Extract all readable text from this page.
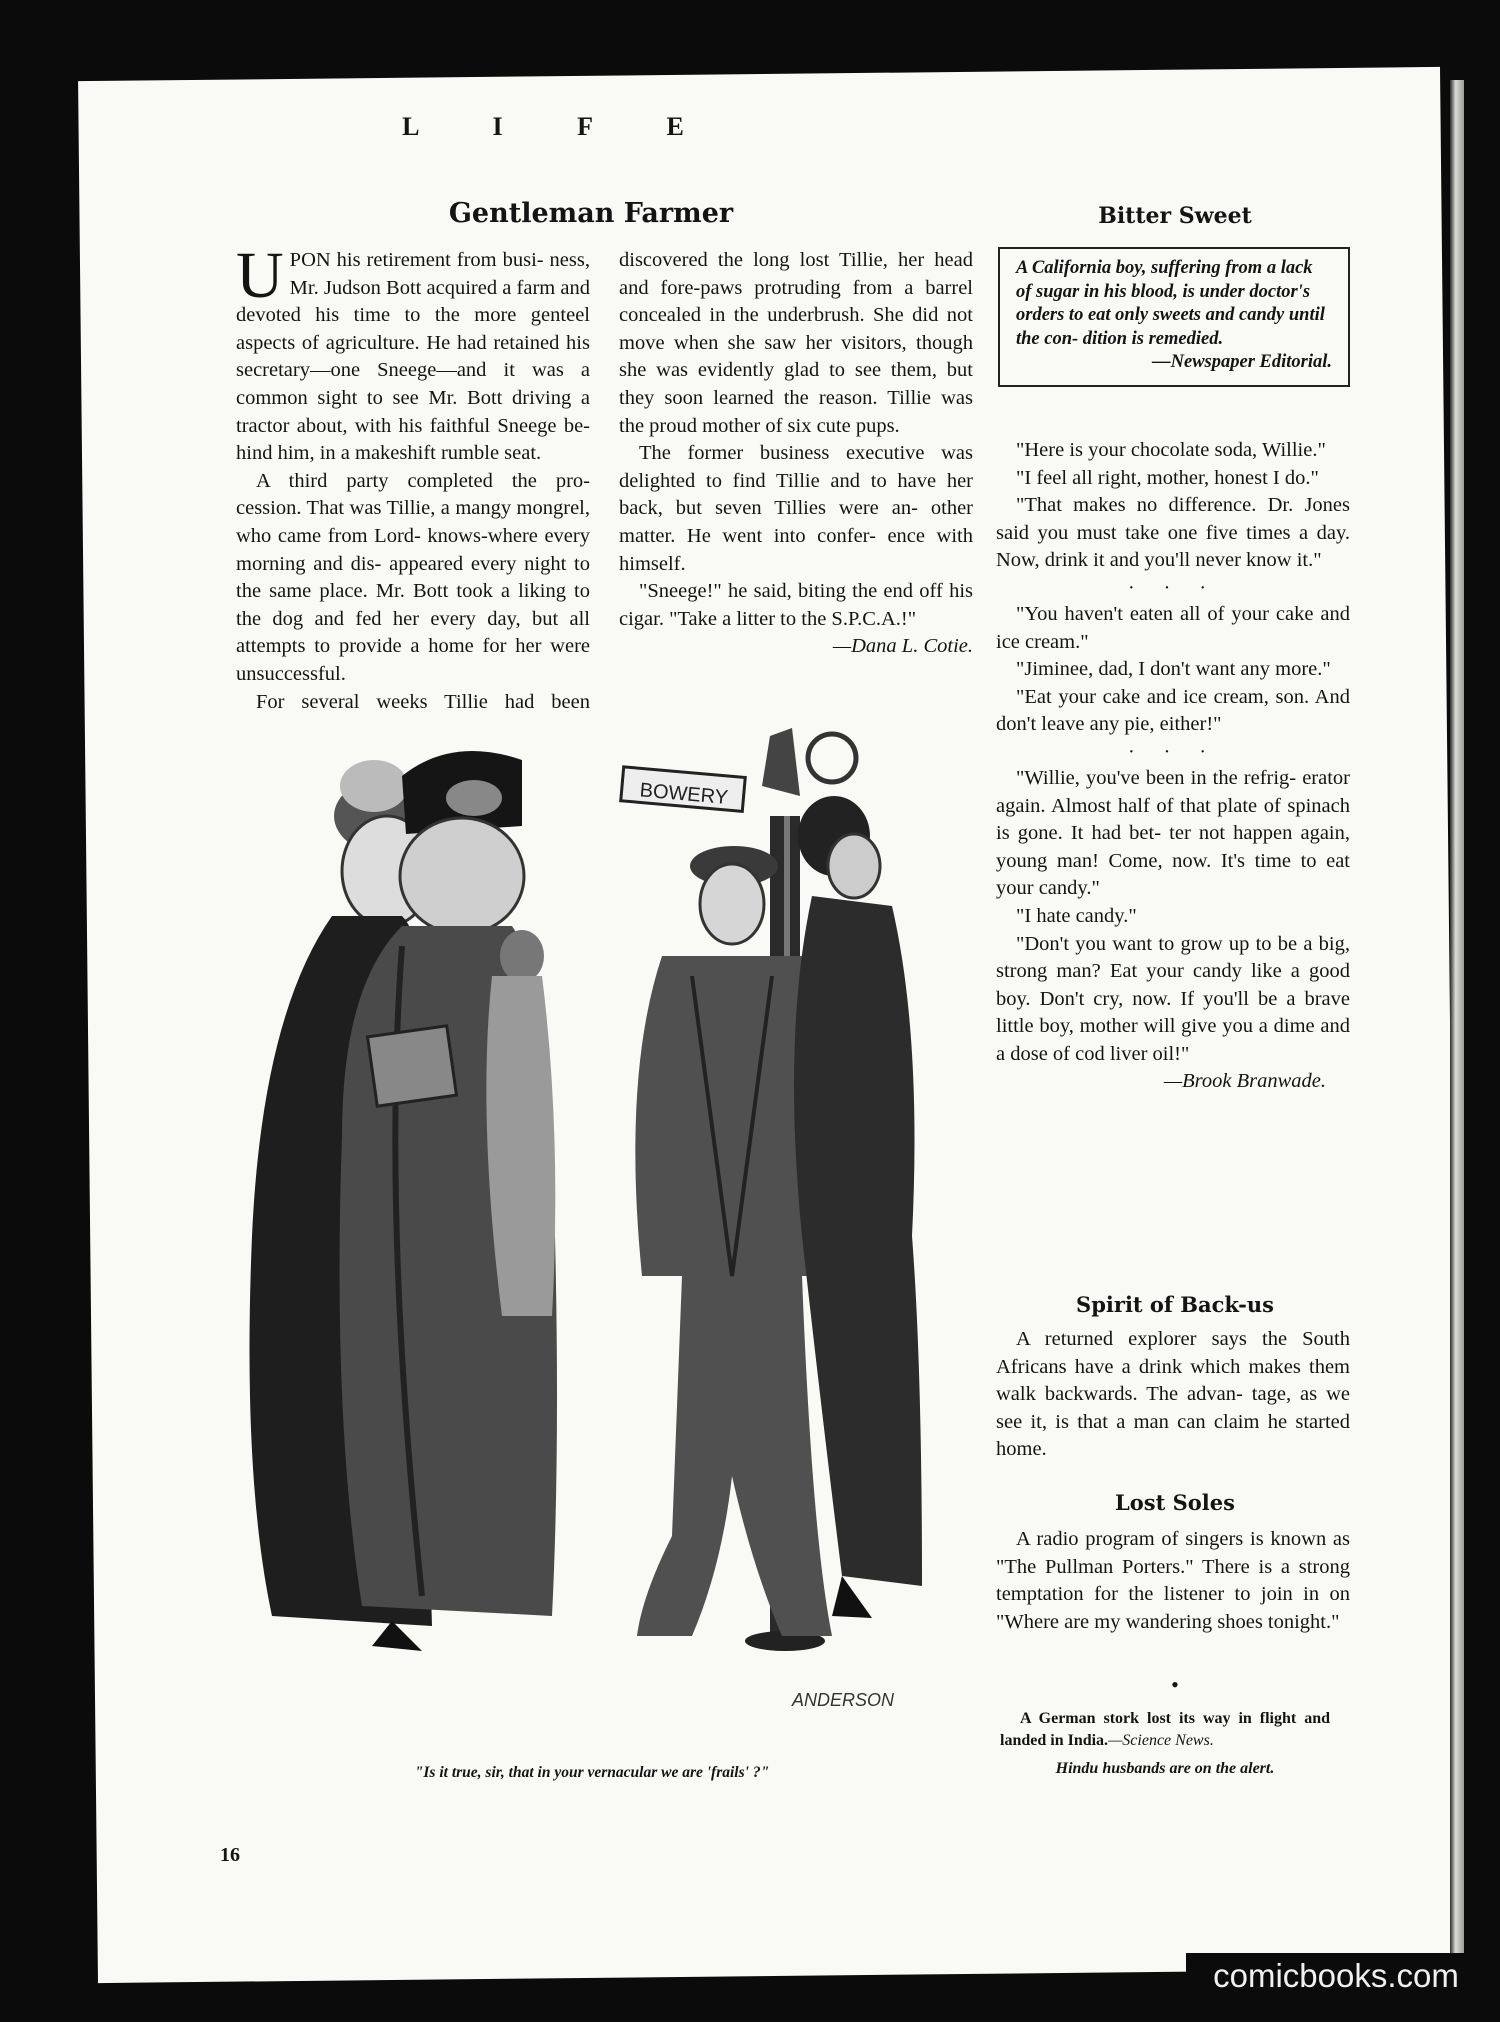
L I F E
Gentleman Farmer

UPON his retirement from busi- ness, Mr. Judson Bott acquired a farm and devoted his time to the more genteel aspects of agriculture. He had retained his secretary—one Sneege—and it was a common sight to see Mr. Bott driving a tractor about, with his faithful Sneege be- hind him, in a makeshift rumble seat.

A third party completed the pro- cession. That was Tillie, a mangy mongrel, who came from Lord- knows-where every morning and dis- appeared every night to the same place. Mr. Bott took a liking to the dog and fed her every day, but all attempts to provide a home for her were unsuccessful.

For several weeks Tillie had been

discovered the long lost Tillie, her head and fore-paws protruding from a barrel concealed in the underbrush. She did not move when she saw her visitors, though she was evidently glad to see them, but they soon learned the reason. Tillie was the proud mother of six cute pups.

The former business executive was delighted to find Tillie and to have her back, but seven Tillies were an- other matter. He went into confer- ence with himself.

"Sneege!" he said, biting the end off his cigar. "Take a litter to the S.P.C.A.!"

—Dana L. Cotie.
BOWERY
ANDERSON
"Is it true, sir, that in your vernacular we are 'frails' ?"
Bitter Sweet
A California boy, suffering from a lack of sugar in his blood, is under doctor's orders to eat only sweets and candy until the con- dition is remedied.
—Newspaper Editorial.

"Here is your chocolate soda, Willie."

"I feel all right, mother, honest I do."

"That makes no difference. Dr. Jones said you must take one five times a day. Now, drink it and you'll never know it."

· · ·

"You haven't eaten all of your cake and ice cream."

"Jiminee, dad, I don't want any more."

"Eat your cake and ice cream, son. And don't leave any pie, either!"

· · ·

"Willie, you've been in the refrig- erator again. Almost half of that plate of spinach is gone. It had bet- ter not happen again, young man! Come, now. It's time to eat your candy."

"I hate candy."

"Don't you want to grow up to be a big, strong man? Eat your candy like a good boy. Don't cry, now. If you'll be a brave little boy, mother will give you a dime and a dose of cod liver oil!"

—Brook Branwade.
Spirit of Back-us

A returned explorer says the South Africans have a drink which makes them walk backwards. The advan- tage, as we see it, is that a man can claim he started home.

Lost Soles

A radio program of singers is known as "The Pullman Porters." There is a strong temptation for the listener to join in on "Where are my wandering shoes tonight."

•
A German stork lost its way in flight and landed in India.—Science News.
Hindu husbands are on the alert.
16
comicbooks.com
